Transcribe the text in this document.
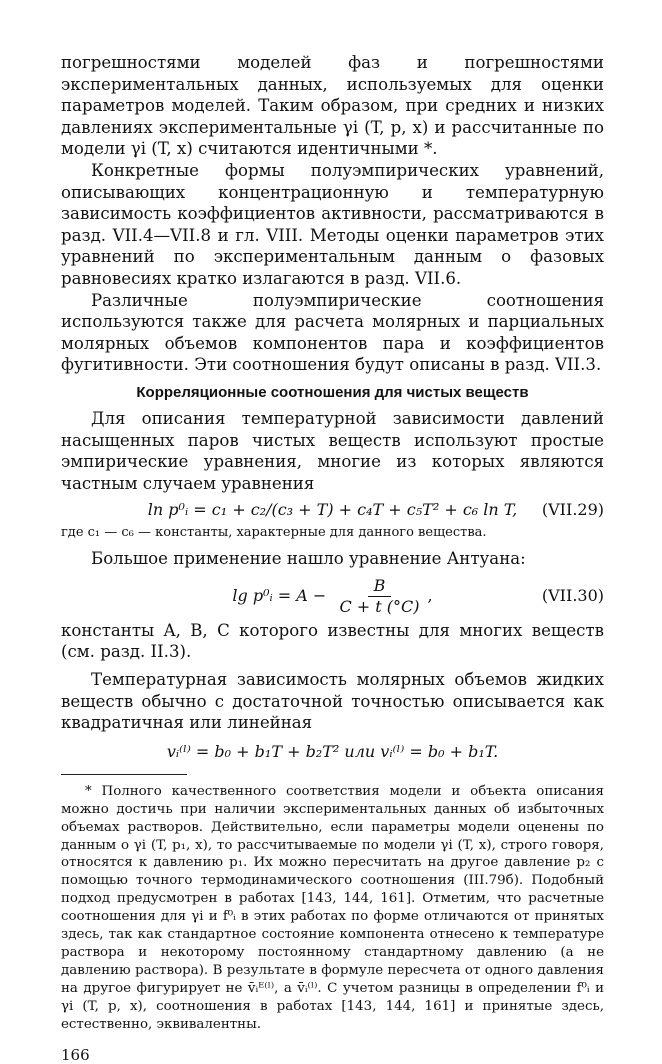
погрешностями моделей фаз и погрешностями экспериментальных данных, используемых для оценки параметров моделей. Таким образом, при средних и низких давлениях экспериментальные γi (T, p, x) и рассчитанные по модели γi (T, x) считаются идентичными *.

Конкретные формы полуэмпирических уравнений, описывающих концентрационную и температурную зависимость коэффициентов активности, рассматриваются в разд. VII.4—VII.8 и гл. VIII. Методы оценки параметров этих уравнений по экспериментальным данным о фазовых равновесиях кратко излагаются в разд. VII.6.

Различные полуэмпирические соотношения используются также для расчета молярных и парциальных молярных объемов компонентов пара и коэффициентов фугитивности. Эти соотношения будут описаны в разд. VII.3.

Корреляционные соотношения для чистых веществ

Для описания температурной зависимости давлений насыщенных паров чистых веществ используют простые эмпирические уравнения, многие из которых являются частным случаем уравнения

ln p⁰ᵢ = c₁ + c₂/(c₃ + T) + c₄T + c₅T² + c₆ ln T,	(VII.29)

где c₁ — c₆ — константы, характерные для данного вещества.

Большое применение нашло уравнение Антуана:

lg p⁰ᵢ = $A - \frac{B}{C + t (^\circ C)}$ ,	(VII.30)

константы A, B, C которого известны для многих веществ (см. разд. II.3).

Температурная зависимость молярных объемов жидких веществ обычно с достаточной точностью описывается как квадратичная или линейная

vᵢ⁽ˡ⁾ = b₀ + b₁T + b₂T² или vᵢ⁽ˡ⁾ = b₀ + b₁T.

* Полного качественного соответствия модели и объекта описания можно достичь при наличии экспериментальных данных об избыточных объемах растворов. Действительно, если параметры модели оценены по данным о γi (T, p₁, x), то рассчитываемые по модели γi (T, x), строго говоря, относятся к давлению p₁. Их можно пересчитать на другое давление p₂ с помощью точного термодинамического соотношения (III.79б). Подобный подход предусмотрен в работах [143, 144, 161]. Отметим, что расчетные соотношения для γi и f⁰ᵢ в этих работах по форме отличаются от принятых здесь, так как стандартное состояние компонента отнесено к температуре раствора и некоторому постоянному стандартному давлению (а не давлению раствора). В результате в формуле пересчета от одного давления на другое фигурирует не v̄ᵢᴱ⁽ˡ⁾, а v̄ᵢ⁽ˡ⁾. С учетом разницы в определении f⁰ᵢ и γi (T, p, x), соотношения в работах [143, 144, 161] и принятые здесь, естественно, эквивалентны.

166
